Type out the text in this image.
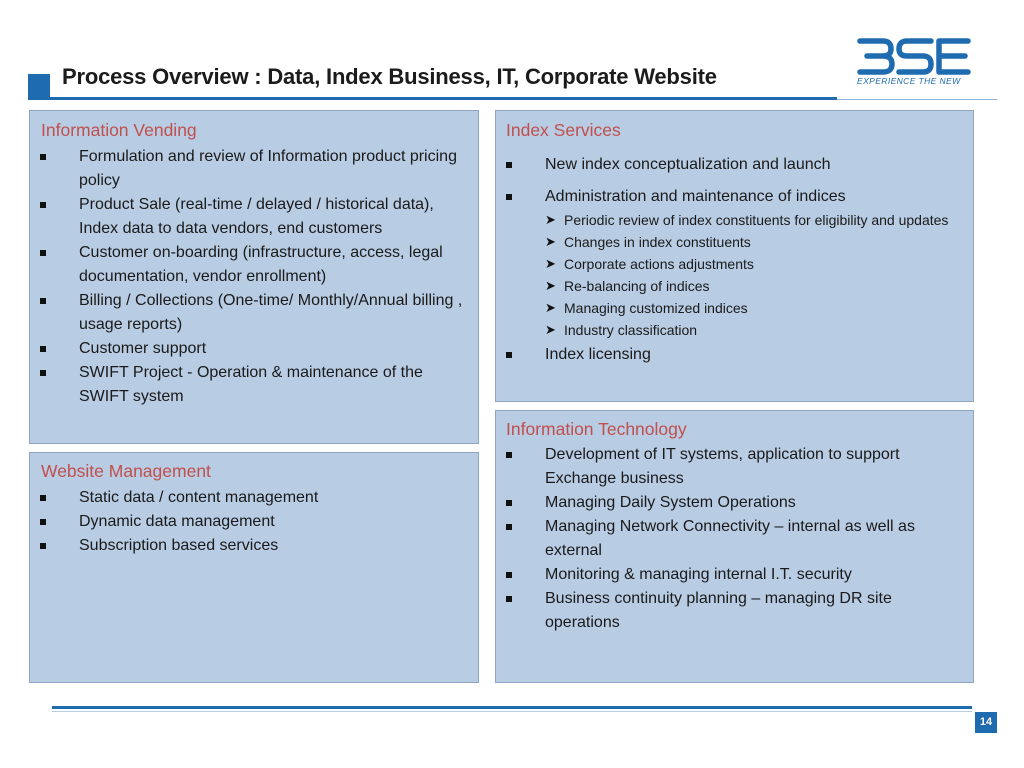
Process Overview : Data, Index Business, IT, Corporate Website	EXPERIENCE THE NEW
Information Vending
Formulation and review of Information product pricing policy
Product Sale (real-time / delayed / historical data), Index data to data vendors, end customers
Customer on-boarding (infrastructure, access, legal documentation, vendor enrollment)
Billing / Collections (One-time/ Monthly/Annual billing , usage reports)
Customer support
SWIFT Project - Operation & maintenance of the SWIFT system
Index Services
New index conceptualization and launch
Administration and maintenance of indices
➤ Periodic review of index constituents for eligibility and updates
➤ Changes in index constituents
➤ Corporate actions adjustments
➤ Re-balancing of indices
➤ Managing customized indices
➤ Industry classification
Index licensing
Website Management
Static data / content management
Dynamic data management
Subscription based services
Information Technology
Development of IT systems, application to support Exchange business
Managing Daily System Operations
Managing Network Connectivity – internal as well as external
Monitoring & managing internal I.T. security
Business continuity planning – managing DR site operations
14
